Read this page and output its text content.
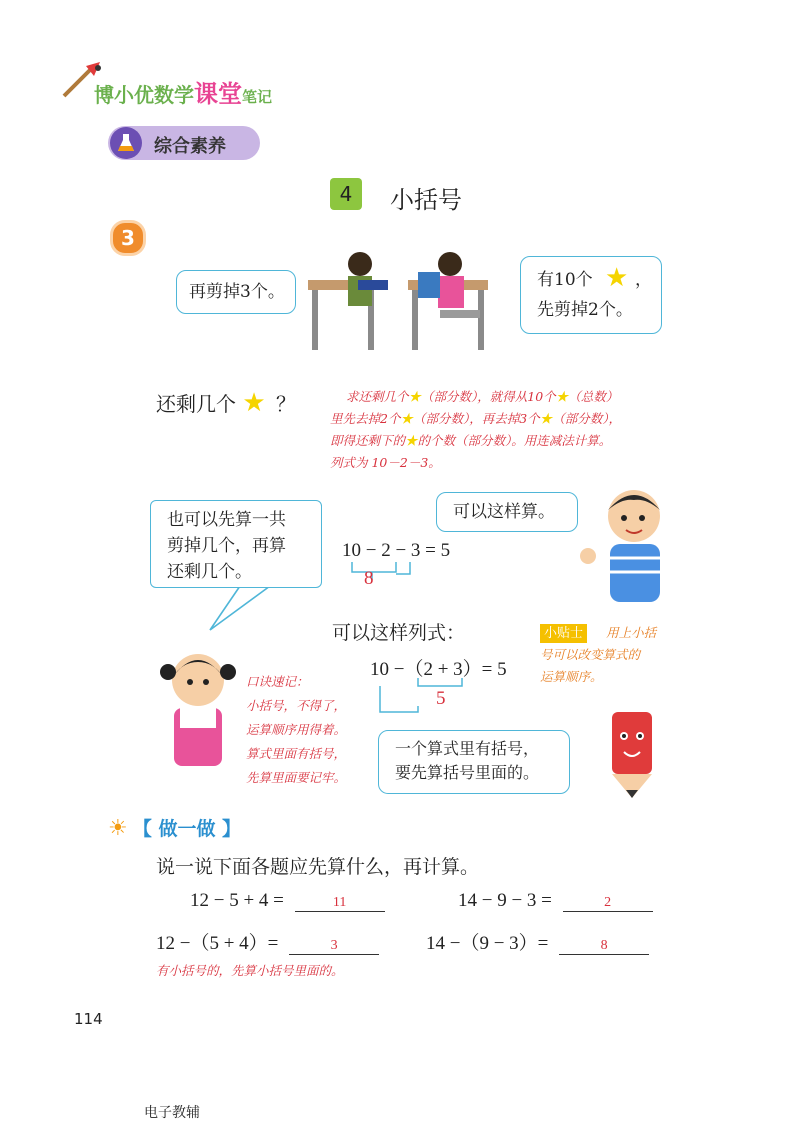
博小优数学课堂笔记
综合素养
4	小括号
3
再剪掉3个。
有10个 ★ ，
先剪掉2个。
还剩几个 ★ ？	求还剩几个★（部分数），就得从10个★（总数）
里先去掉2个★（部分数），再去掉3个★（部分数），
即得还剩下的★的个数（部分数）。用连减法计算。
列式为 10－2－3。
也可以先算一共
剪掉几个，再算
还剩几个。
可以这样算。
10 − 2 − 3 = 5
8
可以这样列式：	小贴士 用上小括
号可以改变算式的
运算顺序。
10 −（2 + 3）= 5
5
口诀速记：
小括号，不得了，
运算顺序用得着。
算式里面有括号，
先算里面要记牢。
一个算式里有括号，
要先算括号里面的。
☀ 【 做一做 】
说一说下面各题应先算什么，再计算。
12 − 5 + 4 =	11	14 − 9 − 3 =	2
12 −（5 + 4）=	3	14 −（9 − 3）=	8
有小括号的，先算小括号里面的。
114
电子教辅
